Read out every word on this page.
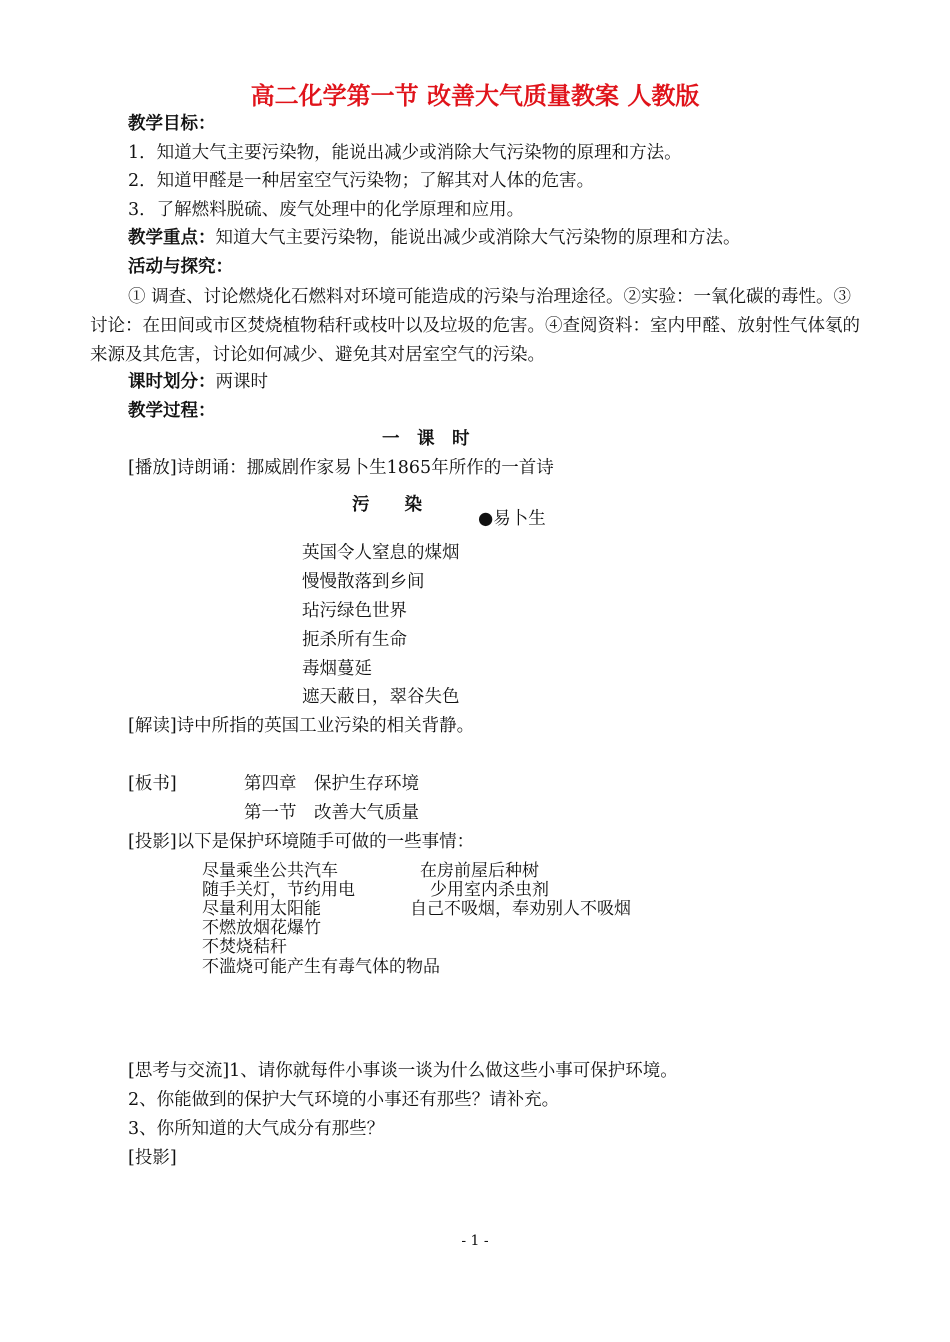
高二化学第一节 改善大气质量教案 人教版
教学目标：
1．知道大气主要污染物，能说出减少或消除大气污染物的原理和方法。
2．知道甲醛是一种居室空气污染物；了解其对人体的危害。
3．了解燃料脱硫、废气处理中的化学原理和应用。
教学重点：知道大气主要污染物，能说出减少或消除大气污染物的原理和方法。
活动与探究：
① 调查、讨论燃烧化石燃料对环境可能造成的污染与治理途径。②实验：一氧化碳的毒性。③讨论：在田间或市区焚烧植物秸秆或枝叶以及垃圾的危害。④查阅资料：室内甲醛、放射性气体氡的来源及其危害，讨论如何减少、避免其对居室空气的污染。
课时划分：两课时
教学过程：
一　课　时
[播放]诗朗诵：挪威剧作家易卜生1865年所作的一首诗
污　　染
●易卜生
英国令人窒息的煤烟
慢慢散落到乡间
玷污绿色世界
扼杀所有生命
毒烟蔓延
遮天蔽日，翠谷失色
[解读]诗中所指的英国工业污染的相关背静。
[板书]	第四章　保护生存环境
第一节　改善大气质量
[投影]以下是保护环境随手可做的一些事情：
尽量乘坐公共汽车	在房前屋后种树
随手关灯，节约用电	少用室内杀虫剂
尽量利用太阳能	自己不吸烟，奉劝别人不吸烟
不燃放烟花爆竹
不焚烧秸秆
不滥烧可能产生有毒气体的物品
[思考与交流]1、请你就每件小事谈一谈为什么做这些小事可保护环境。
2、你能做到的保护大气环境的小事还有那些？请补充。
3、你所知道的大气成分有那些？
[投影]
- 1 -
